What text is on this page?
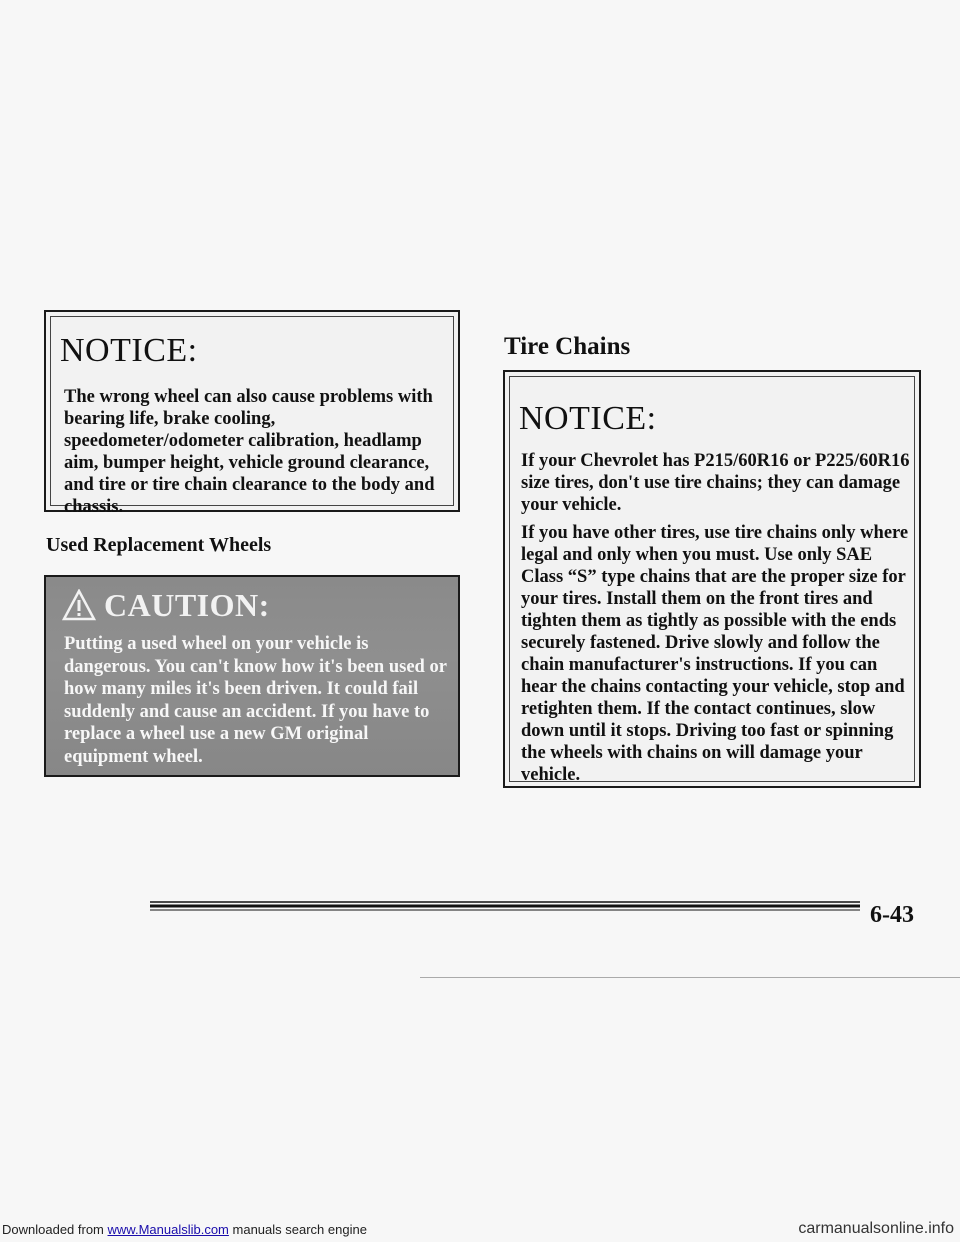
NOTICE:

The wrong wheel can also cause problems with bearing life, brake cooling, speedometer/odometer calibration, headlamp aim, bumper height, vehicle ground clearance, and tire or tire chain clearance to the body and chassis.

Used Replacement Wheels
CAUTION:

Putting a used wheel on your vehicle is dangerous. You can't know how it's been used or how many miles it's been driven. It could fail suddenly and cause an accident. If you have to replace a wheel use a new GM original equipment wheel.

Tire Chains
NOTICE:

If your Chevrolet has P215/60R16 or P225/60R16 size tires, don't use tire chains; they can damage your vehicle.

If you have other tires, use tire chains only where legal and only when you must. Use only SAE Class “S” type chains that are the proper size for your tires. Install them on the front tires and tighten them as tightly as possible with the ends securely fastened. Drive slowly and follow the chain manufacturer's instructions. If you can hear the chains contacting your vehicle, stop and retighten them. If the contact continues, slow down until it stops. Driving too fast or spinning the wheels with chains on will damage your vehicle.

6-43

Downloaded from www.Manualslib.com manuals search engine	carmanualsonline.info
